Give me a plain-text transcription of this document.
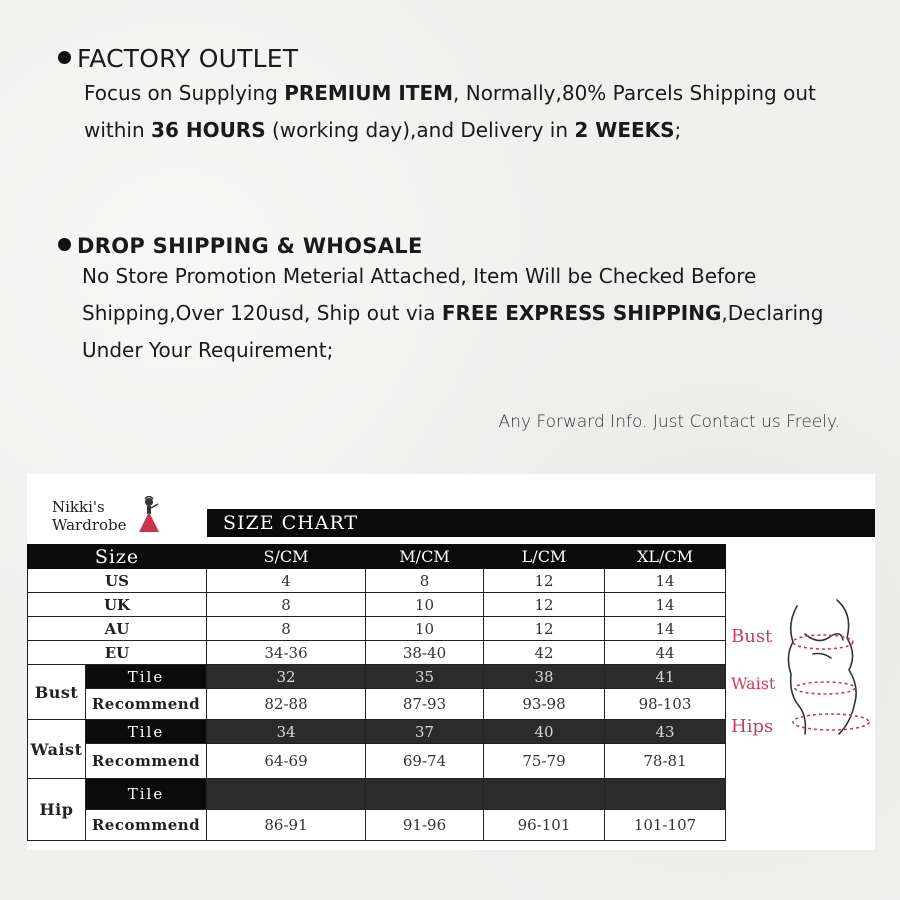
FACTORY OUTLET
Focus on Supplying PREMIUM ITEM, Normally,80% Parcels Shipping out
within 36 HOURS (working day),and Delivery in 2 WEEKS;
DROP SHIPPING & WHOSALE
No Store Promotion Meterial Attached, Item Will be Checked Before
Shipping,Over 120usd, Ship out via FREE EXPRESS SHIPPING,Declaring
Under Your Requirement;
Any Forward Info. Just Contact us Freely.
Nikki's
Wardrobe	SIZE CHART
Size		S/CM	M/CM	L/CM	XL/CM
US		4	8	12	14
UK		8	10	12	14
AU		8	10	12	14
EU		34-36	38-40	42	44
Bust	Tile	32	35	38	41
	Recommend	82-88	87-93	93-98	98-103
Waist	Tile	34	37	40	43
	Recommend	64-69	69-74	75-79	78-81
Hip	Tile				
	Recommend	86-91	91-96	96-101	101-107
Bust
Waist
Hips
